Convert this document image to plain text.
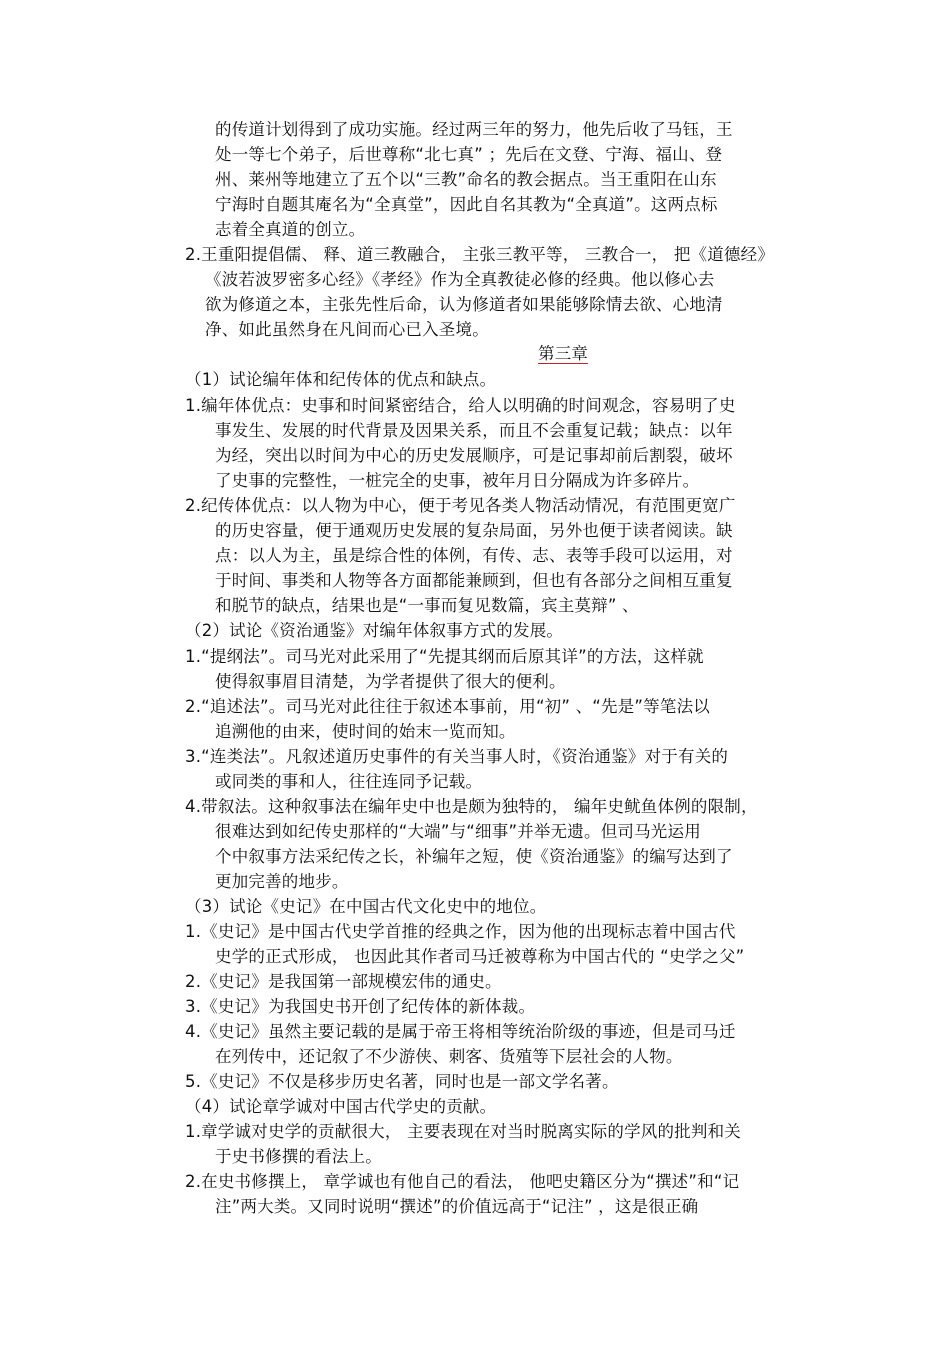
的传道计划得到了成功实施。经过两三年的努力，他先后收了马钰，王
处一等七个弟子，后世尊称“北七真” ；先后在文登、宁海、福山、登
州、莱州等地建立了五个以“三教”命名的教会据点。当王重阳在山东
宁海时自题其庵名为“全真堂”，因此自名其教为“全真道”。这两点标
志着全真道的创立。
2.王重阳提倡儒、 释、道三教融合， 主张三教平等， 三教合一， 把《道德经》
《波若波罗密多心经》《孝经》作为全真教徒必修的经典。他以修心去
欲为修道之本，主张先性后命，认为修道者如果能够除情去欲、心地清
净、如此虽然身在凡间而心已入圣境。
第三章
（1）试论编年体和纪传体的优点和缺点。
1.编年体优点：史事和时间紧密结合，给人以明确的时间观念，容易明了史
事发生、发展的时代背景及因果关系，而且不会重复记载；缺点：以年
为经，突出以时间为中心的历史发展顺序，可是记事却前后割裂，破坏
了史事的完整性，一桩完全的史事，被年月日分隔成为许多碎片。
2.纪传体优点：以人物为中心，便于考见各类人物活动情况，有范围更宽广
的历史容量，便于通观历史发展的复杂局面，另外也便于读者阅读。缺
点：以人为主，虽是综合性的体例，有传、志、表等手段可以运用，对
于时间、事类和人物等各方面都能兼顾到，但也有各部分之间相互重复
和脱节的缺点，结果也是“一事而复见数篇，宾主莫辩” 、
（2）试论《资治通鉴》对编年体叙事方式的发展。
1.“提纲法”。司马光对此采用了“先提其纲而后原其详”的方法，这样就
使得叙事眉目清楚，为学者提供了很大的便利。
2.“追述法”。司马光对此往往于叙述本事前，用“初” 、“先是”等笔法以
追溯他的由来，使时间的始末一览而知。
3.“连类法”。凡叙述道历史事件的有关当事人时，《资治通鉴》对于有关的
或同类的事和人，往往连同予记载。
4.带叙法。这种叙事法在编年史中也是颇为独特的， 编年史鱿鱼体例的限制，
很难达到如纪传史那样的“大端”与“细事”并举无遗。但司马光运用
个中叙事方法采纪传之长，补编年之短，使《资治通鉴》的编写达到了
更加完善的地步。
（3）试论《史记》在中国古代文化史中的地位。
1.《史记》是中国古代史学首推的经典之作，因为他的出现标志着中国古代
史学的正式形成， 也因此其作者司马迁被尊称为中国古代的 “史学之父”
2.《史记》是我国第一部规模宏伟的通史。
3.《史记》为我国史书开创了纪传体的新体裁。
4.《史记》虽然主要记载的是属于帝王将相等统治阶级的事迹，但是司马迁
在列传中，还记叙了不少游侠、刺客、货殖等下层社会的人物。
5.《史记》不仅是移步历史名著，同时也是一部文学名著。
（4）试论章学诚对中国古代学史的贡献。
1.章学诚对史学的贡献很大， 主要表现在对当时脱离实际的学风的批判和关
于史书修撰的看法上。
2.在史书修撰上， 章学诚也有他自己的看法， 他吧史籍区分为“撰述”和“记
注”两大类。又同时说明“撰述”的价值远高于“记注” ，这是很正确
